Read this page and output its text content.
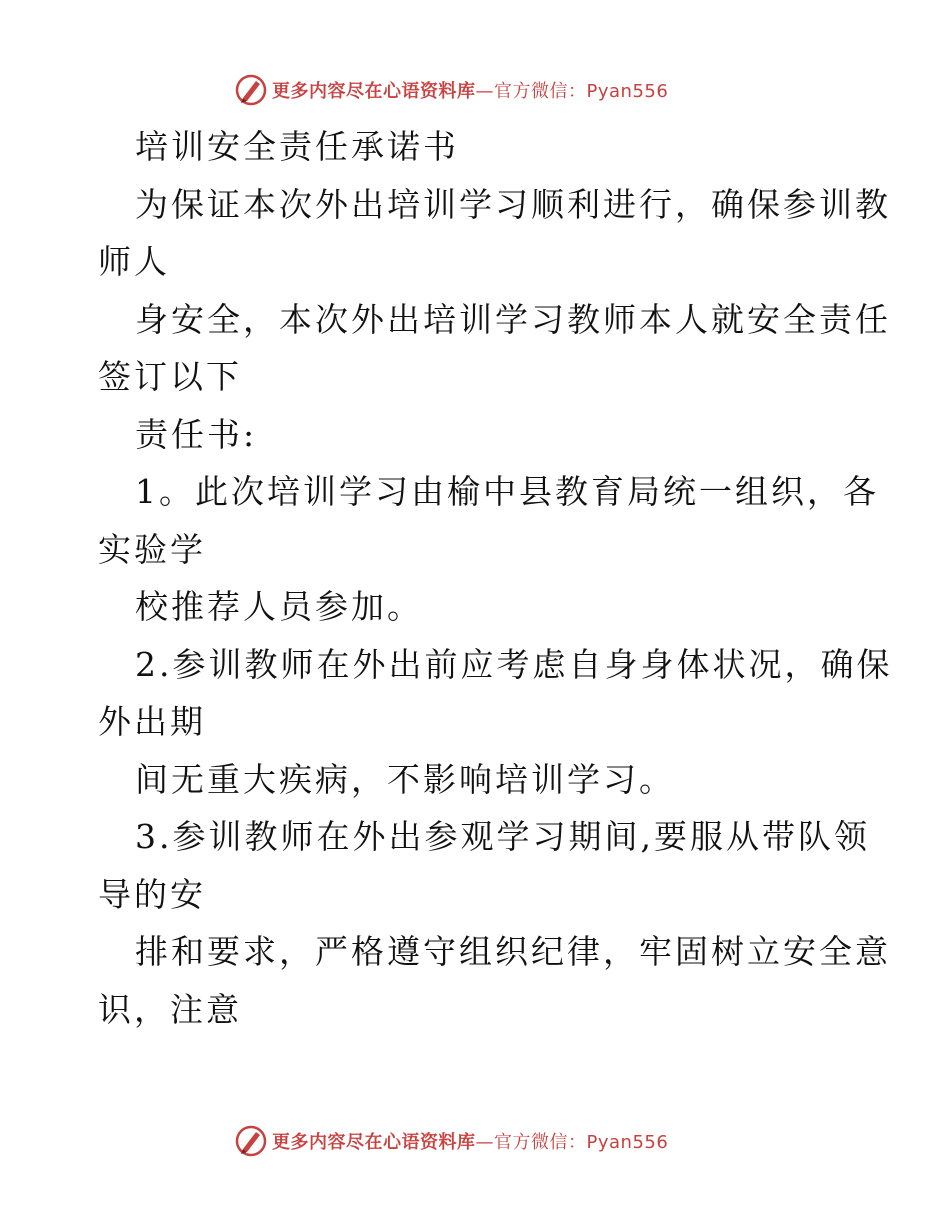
更多内容尽在心语资料库—官方微信：Pyan556
培训安全责任承诺书
为保证本次外出培训学习顺利进行，确保参训教
师人
身安全，本次外出培训学习教师本人就安全责任
签订以下
责任书:
1。此次培训学习由榆中县教育局统一组织，各
实验学
校推荐人员参加。
2.参训教师在外出前应考虑自身身体状况，确保
外出期
间无重大疾病，不影响培训学习。
3.参训教师在外出参观学习期间,要服从带队领
导的安
排和要求，严格遵守组织纪律，牢固树立安全意
识，注意
更多内容尽在心语资料库—官方微信：Pyan556
